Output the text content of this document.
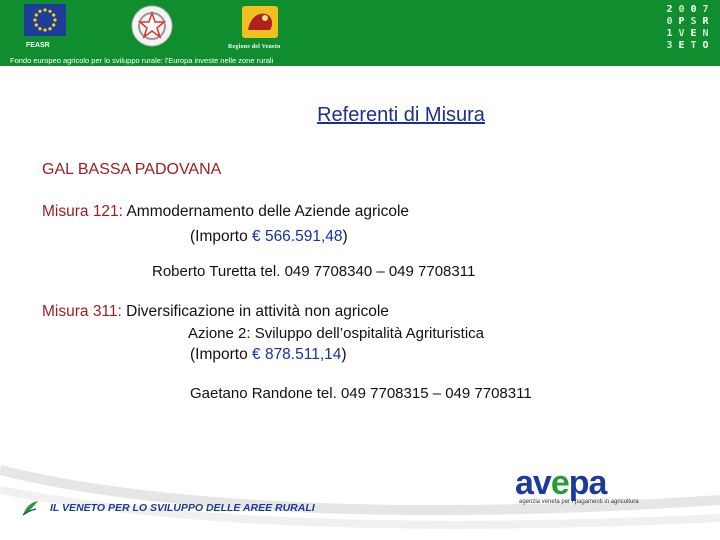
FEASR	Regione del Veneto
Fondo europeo agricolo per lo sviluppo rurale: l'Europa investe nelle zone rurali
2 0 0 7
0 P S R
1 V E N
3 E T O
Referenti di Misura
GAL BASSA PADOVANA
Misura 121: Ammodernamento delle Aziende agricole
(Importo € 566.591,48)
Roberto Turetta tel. 049 7708340 – 049 7708311
Misura 311: Diversificazione in attività non agricole
Azione 2: Sviluppo dell’ospitalità Agrituristica
(Importo € 878.511,14)
Gaetano Randone tel. 049 7708315 – 049 7708311
IL VENETO PER LO SVILUPPO DELLE AREE RURALI
avepa
agenzia veneta per i pagamenti in agricoltura
